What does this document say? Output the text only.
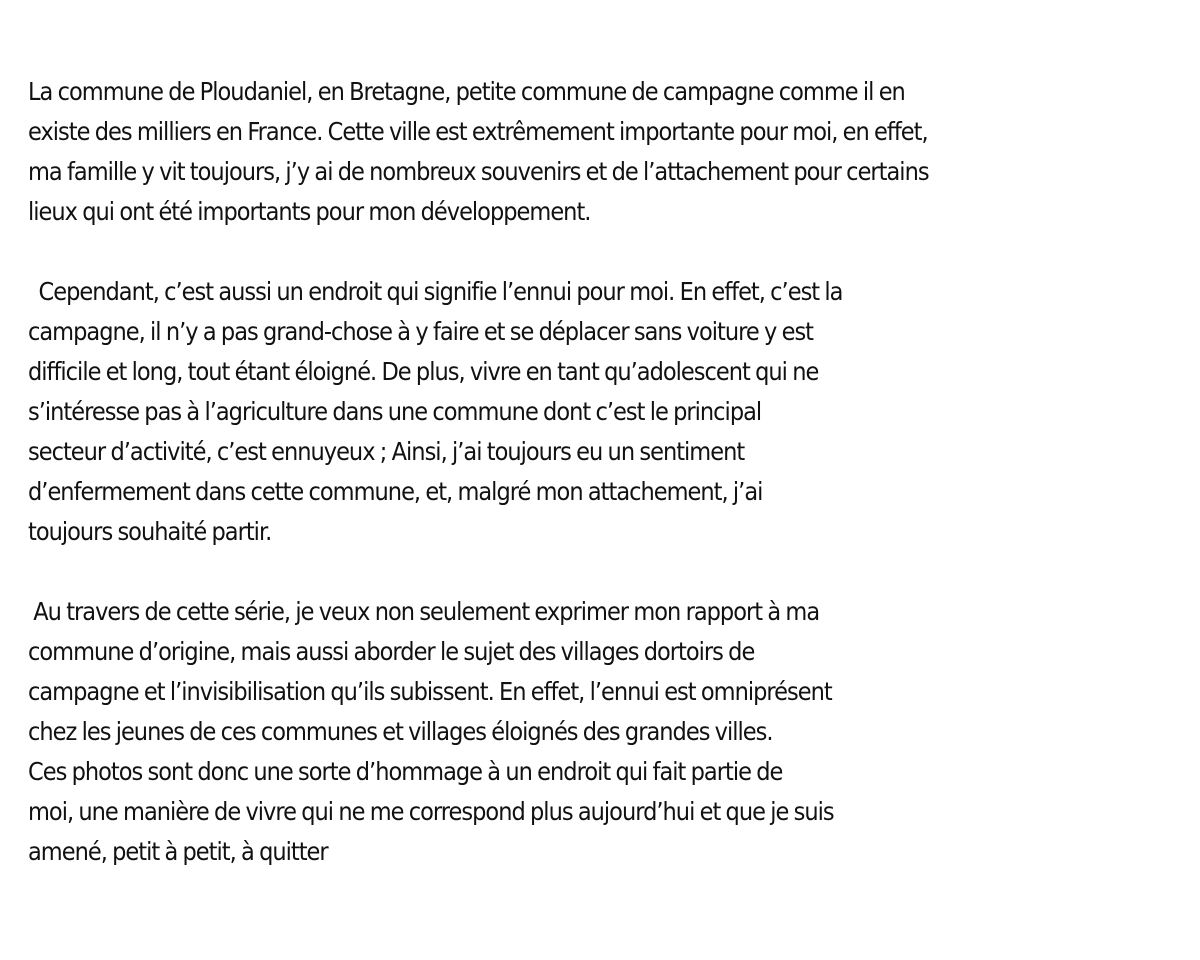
La commune de Ploudaniel, en Bretagne, petite commune de campagne comme il en
existe des milliers en France. Cette ville est extrêmement importante pour moi, en effet,
ma famille y vit toujours, j’y ai de nombreux souvenirs et de l’attachement pour certains
lieux qui ont été importants pour mon développement.

Cependant, c’est aussi un endroit qui signifie l’ennui pour moi. En effet, c’est la
campagne, il n’y a pas grand-chose à y faire et se déplacer sans voiture y est
difficile et long, tout étant éloigné. De plus, vivre en tant qu’adolescent qui ne
s’intéresse pas à l’agriculture dans une commune dont c’est le principal
secteur d’activité, c’est ennuyeux ; Ainsi, j’ai toujours eu un sentiment
d’enfermement dans cette commune, et, malgré mon attachement, j’ai
toujours souhaité partir.

Au travers de cette série, je veux non seulement exprimer mon rapport à ma
commune d’origine, mais aussi aborder le sujet des villages dortoirs de
campagne et l’invisibilisation qu’ils subissent. En effet, l’ennui est omniprésent
chez les jeunes de ces communes et villages éloignés des grandes villes.
Ces photos sont donc une sorte d’hommage à un endroit qui fait partie de
moi, une manière de vivre qui ne me correspond plus aujourd’hui et que je suis
amené, petit à petit, à quitter
